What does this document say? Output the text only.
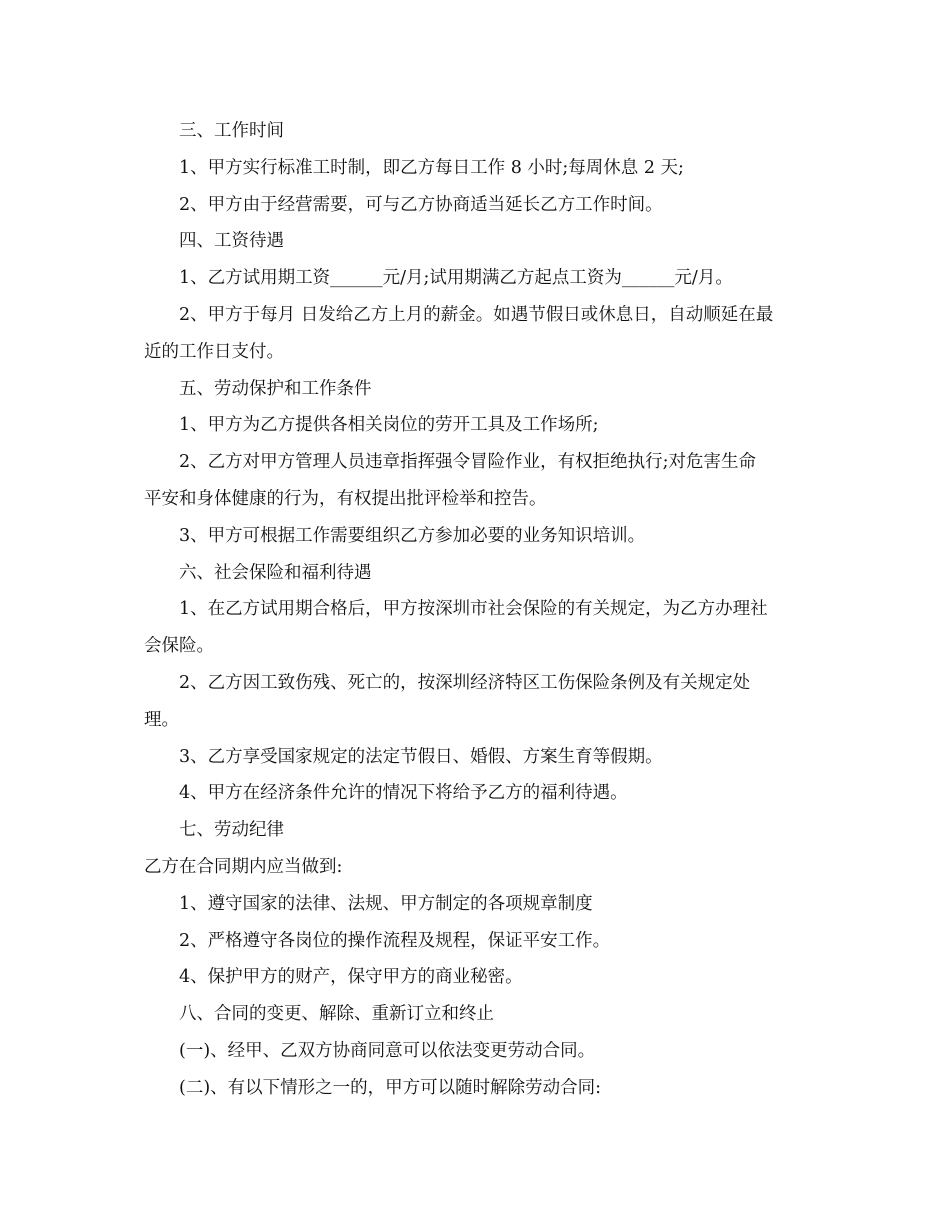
三、工作时间
1、甲方实行标准工时制，即乙方每日工作 8 小时;每周休息 2 天;
2、甲方由于经营需要，可与乙方协商适当延长乙方工作时间。
四、工资待遇
1、乙方试用期工资______元/月;试用期满乙方起点工资为______元/月。
2、甲方于每月 日发给乙方上月的薪金。如遇节假日或休息日，自动顺延在最
近的工作日支付。
五、劳动保护和工作条件
1、甲方为乙方提供各相关岗位的劳开工具及工作场所;
2、乙方对甲方管理人员违章指挥强令冒险作业，有权拒绝执行;对危害生命
平安和身体健康的行为，有权提出批评检举和控告。
3、甲方可根据工作需要组织乙方参加必要的业务知识培训。
六、社会保险和福利待遇
1、在乙方试用期合格后，甲方按深圳市社会保险的有关规定，为乙方办理社
会保险。
2、乙方因工致伤残、死亡的，按深圳经济特区工伤保险条例及有关规定处
理。
3、乙方享受国家规定的法定节假日、婚假、方案生育等假期。
4、甲方在经济条件允许的情况下将给予乙方的福利待遇。
七、劳动纪律
乙方在合同期内应当做到:
1、遵守国家的法律、法规、甲方制定的各项规章制度
2、严格遵守各岗位的操作流程及规程，保证平安工作。
4、保护甲方的财产，保守甲方的商业秘密。
八、合同的变更、解除、重新订立和终止
(一)、经甲、乙双方协商同意可以依法变更劳动合同。
(二)、有以下情形之一的，甲方可以随时解除劳动合同:
